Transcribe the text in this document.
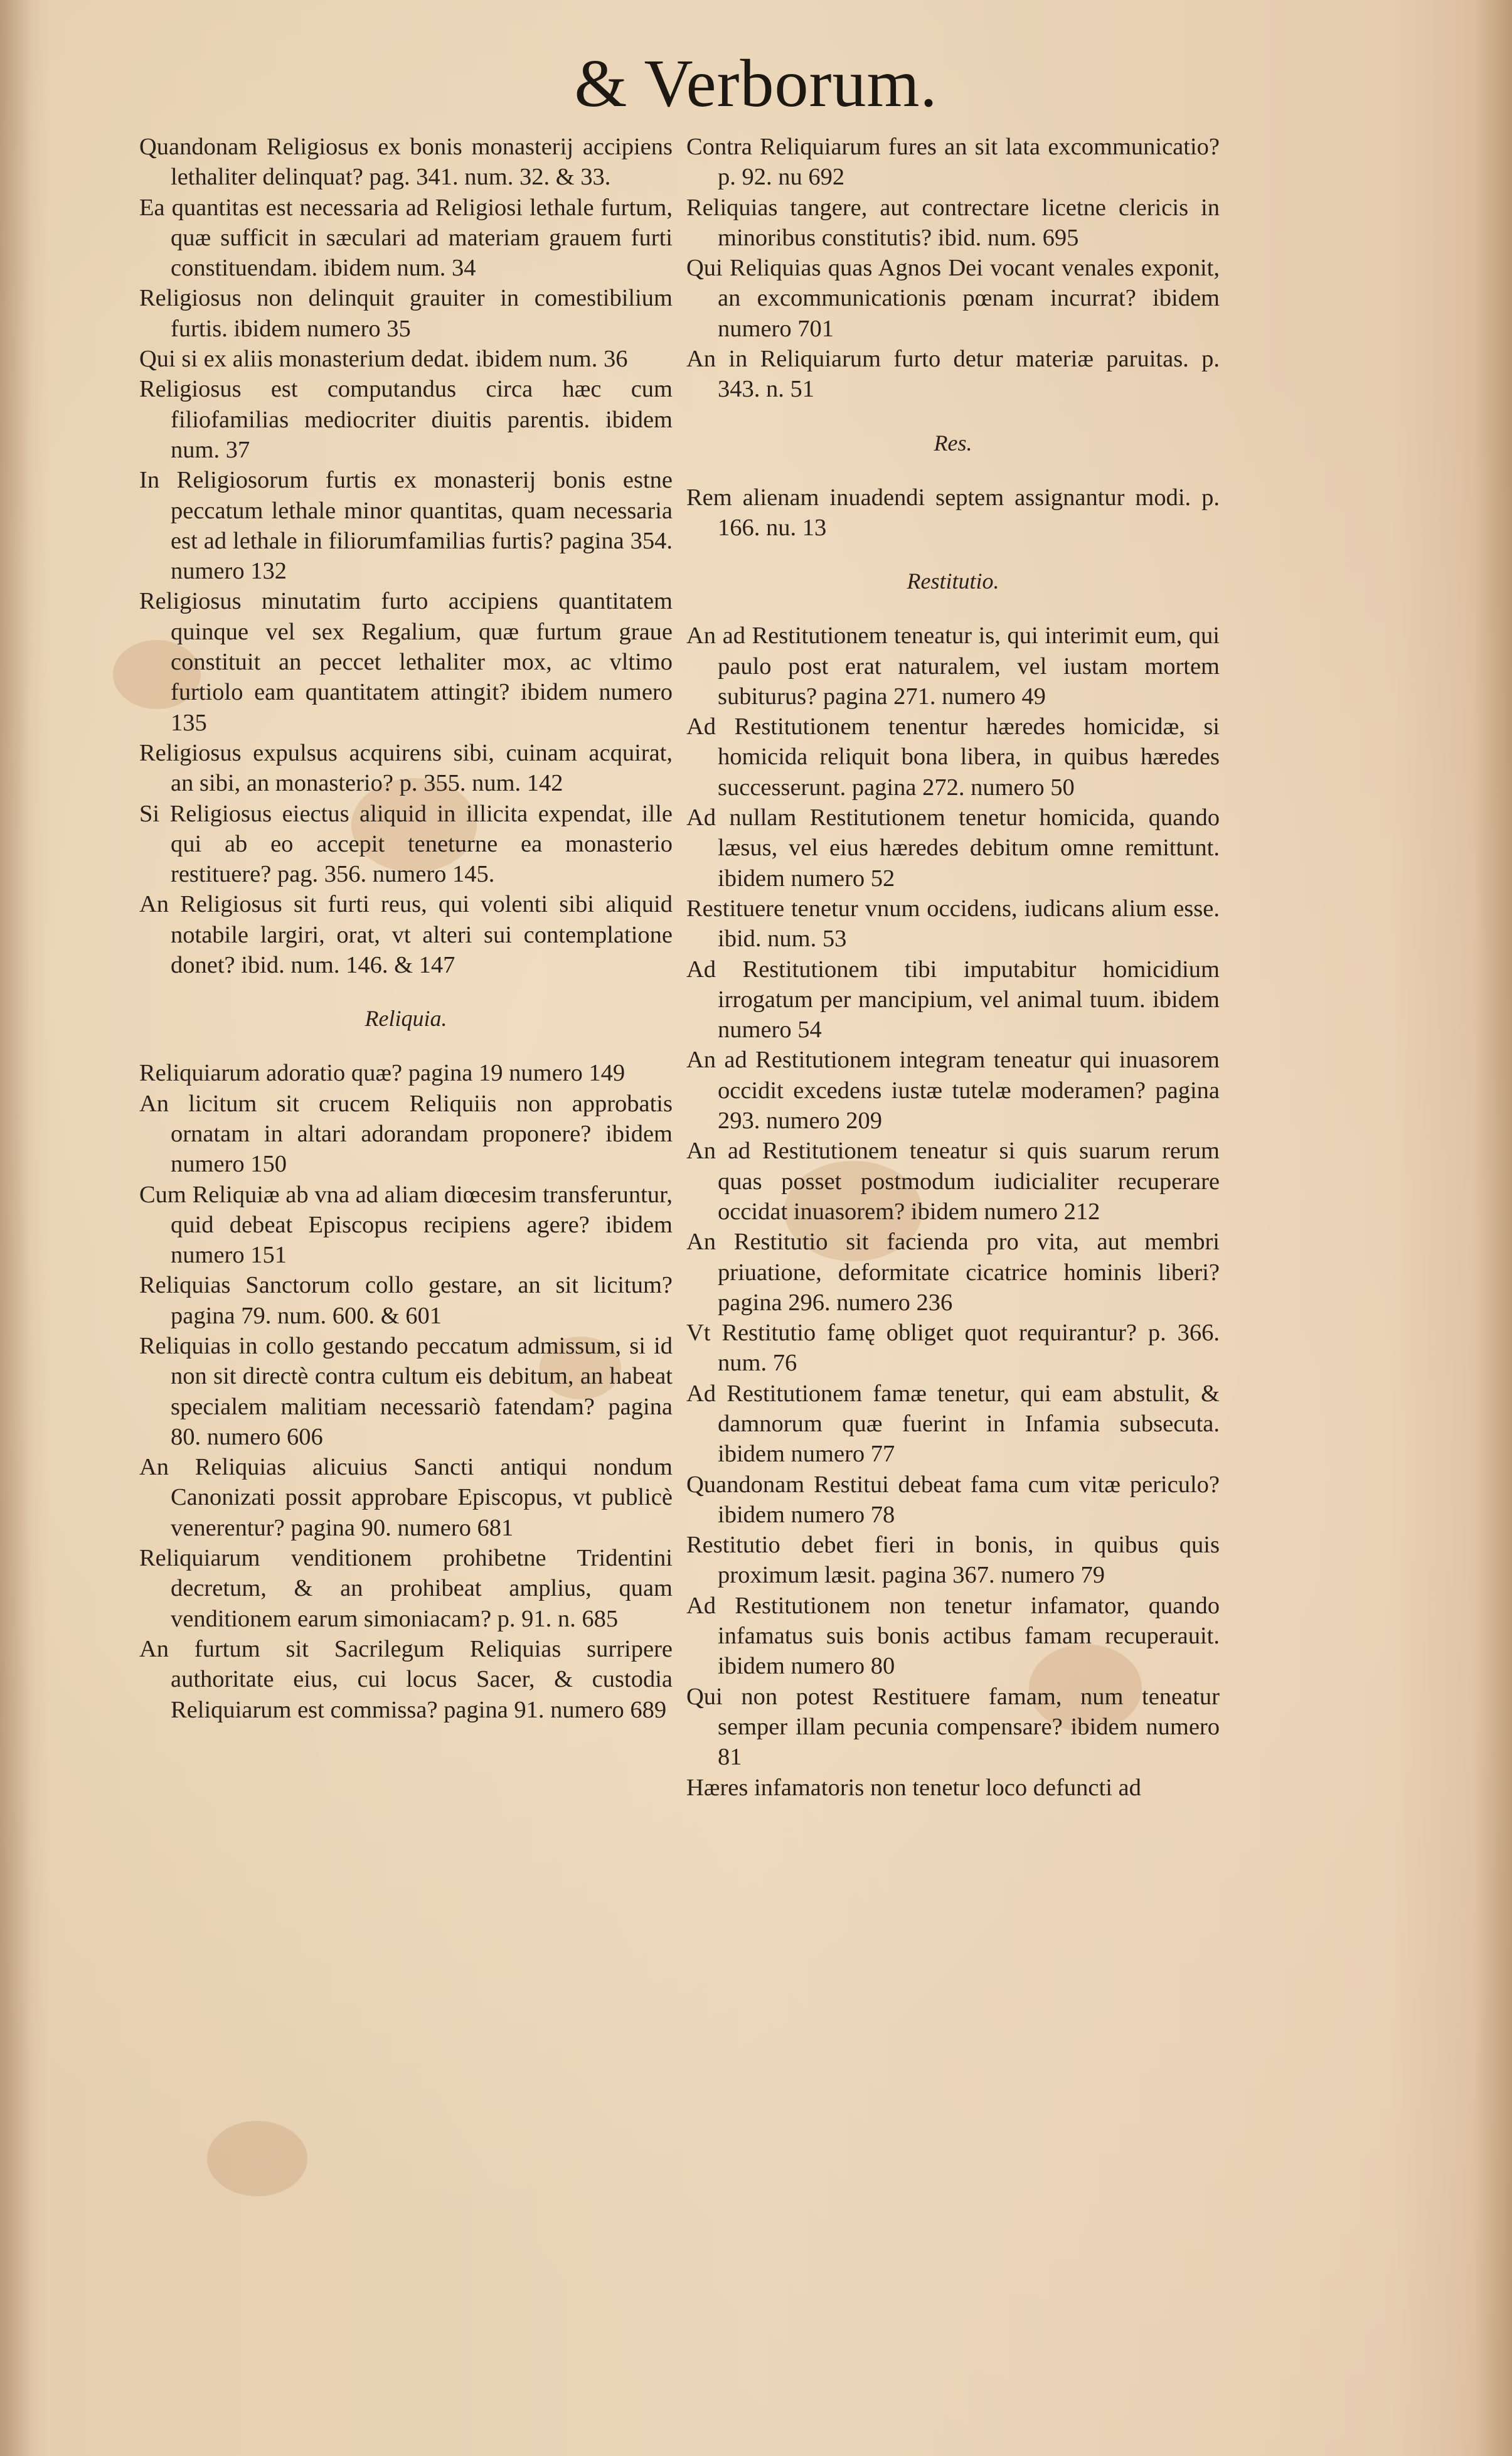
& Verborum.

Quandonam Religiosus ex bonis monasterij accipiens lethaliter delinquat? pag. 341. num. 32. & 33.

Ea quantitas est necessaria ad Religiosi lethale furtum, quæ sufficit in sæculari ad materiam grauem furti constituendam. ibidem num. 34

Religiosus non delinquit grauiter in comestibilium furtis. ibidem numero 35

Qui si ex aliis monasterium dedat. ibidem num. 36

Religiosus est computandus circa hæc cum filiofamilias mediocriter diuitis parentis. ibidem num. 37

In Religiosorum furtis ex monasterij bonis estne peccatum lethale minor quantitas, quam necessaria est ad lethale in filiorumfamilias furtis? pagina 354. numero 132

Religiosus minutatim furto accipiens quantitatem quinque vel sex Regalium, quæ furtum graue constituit an peccet lethaliter mox, ac vltimo furtiolo eam quantitatem attingit? ibidem numero 135

Religiosus expulsus acquirens sibi, cuinam acquirat, an sibi, an monasterio? p. 355. num. 142

Si Religiosus eiectus aliquid in illicita expendat, ille qui ab eo accepit teneturne ea monasterio restituere? pag. 356. numero 145.

An Religiosus sit furti reus, qui volenti sibi aliquid notabile largiri, orat, vt alteri sui contemplatione donet? ibid. num. 146. & 147

Reliquia.

Reliquiarum adoratio quæ? pagina 19 numero 149

An licitum sit crucem Reliquiis non approbatis ornatam in altari adorandam proponere? ibidem numero 150

Cum Reliquiæ ab vna ad aliam diœcesim transferuntur, quid debeat Episcopus recipiens agere? ibidem numero 151

Reliquias Sanctorum collo gestare, an sit licitum? pagina 79. num. 600. & 601

Reliquias in collo gestando peccatum admissum, si id non sit directè contra cultum eis debitum, an habeat specialem malitiam necessariò fatendam? pagina 80. numero 606

An Reliquias alicuius Sancti antiqui nondum Canonizati possit approbare Episcopus, vt publicè venerentur? pagina 90. numero 681

Reliquiarum venditionem prohibetne Tridentini decretum, & an prohibeat amplius, quam venditionem earum simoniacam? p. 91. n. 685

An furtum sit Sacrilegum Reliquias surripere authoritate eius, cui locus Sacer, & custodia Reliquiarum est commissa? pagina 91. numero 689

Contra Reliquiarum fures an sit lata excommunicatio? p. 92. nu 692

Reliquias tangere, aut contrectare licetne clericis in minoribus constitutis? ibid. num. 695

Qui Reliquias quas Agnos Dei vocant venales exponit, an excommunicationis pœnam incurrat? ibidem numero 701

An in Reliquiarum furto detur materiæ paruitas. p. 343. n. 51

Res.

Rem alienam inuadendi septem assignantur modi. p. 166. nu. 13

Restitutio.

An ad Restitutionem teneatur is, qui interimit eum, qui paulo post erat naturalem, vel iustam mortem subiturus? pagina 271. numero 49

Ad Restitutionem tenentur hæredes homicidæ, si homicida reliquit bona libera, in quibus hæredes successerunt. pagina 272. numero 50

Ad nullam Restitutionem tenetur homicida, quando læsus, vel eius hæredes debitum omne remittunt. ibidem numero 52

Restituere tenetur vnum occidens, iudicans alium esse. ibid. num. 53

Ad Restitutionem tibi imputabitur homicidium irrogatum per mancipium, vel animal tuum. ibidem numero 54

An ad Restitutionem integram teneatur qui inuasorem occidit excedens iustæ tutelæ moderamen? pagina 293. numero 209

An ad Restitutionem teneatur si quis suarum rerum quas posset postmodum iudicialiter recuperare occidat inuasorem? ibidem numero 212

An Restitutio sit facienda pro vita, aut membri priuatione, deformitate cicatrice hominis liberi? pagina 296. numero 236

Vt Restitutio famę obliget quot requirantur? p. 366. num. 76

Ad Restitutionem famæ tenetur, qui eam abstulit, & damnorum quæ fuerint in Infamia subsecuta. ibidem numero 77

Quandonam Restitui debeat fama cum vitæ periculo? ibidem numero 78

Restitutio debet fieri in bonis, in quibus quis proximum læsit. pagina 367. numero 79

Ad Restitutionem non tenetur infamator, quando infamatus suis bonis actibus famam recuperauit. ibidem numero 80

Qui non potest Restituere famam, num teneatur semper illam pecunia compensare? ibidem numero 81

Hæres infamatoris non tenetur loco defuncti ad
